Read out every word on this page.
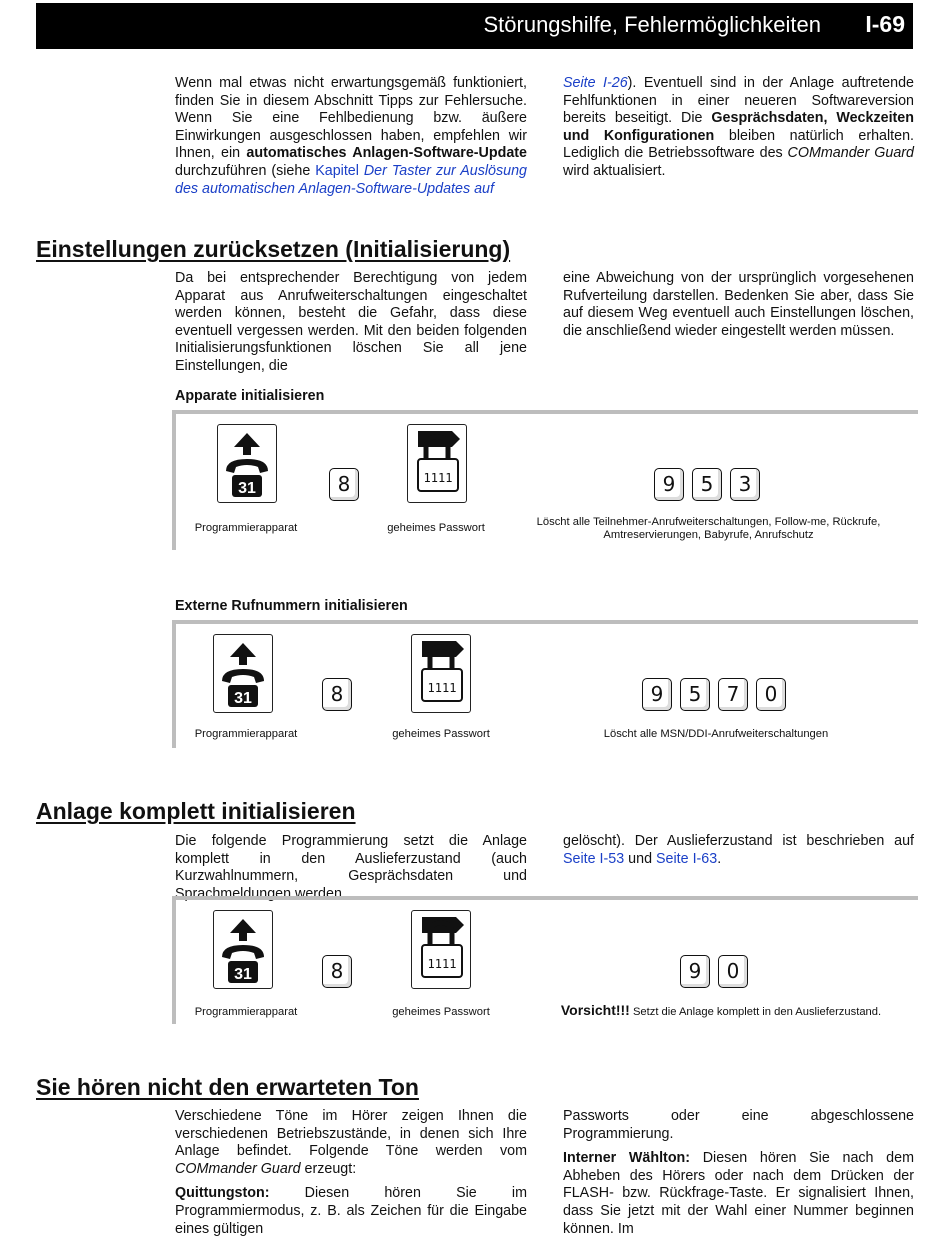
Störungshilfe, Fehlermöglichkeiten I-69
Wenn mal etwas nicht erwartungsgemäß funktioniert, finden Sie in diesem Abschnitt Tipps zur Fehlersuche. Wenn Sie eine Fehlbedienung bzw. äußere Einwirkungen ausgeschlossen haben, empfehlen wir Ihnen, ein automatisches Anlagen-Software-Update durchzuführen (siehe Kapitel Der Taster zur Auslösung des automatischen Anlagen-Software-Updates auf
Seite I-26). Eventuell sind in der Anlage auftretende Fehlfunktionen in einer neueren Softwareversion bereits beseitigt. Die Gesprächsdaten, Weckzeiten und Konfigurationen bleiben natürlich erhalten. Lediglich die Betriebssoftware des COMmander Guard wird aktualisiert.
Einstellungen zurücksetzen (Initialisierung)
Da bei entsprechender Berechtigung von jedem Apparat aus Anrufweiterschaltungen eingeschaltet werden können, besteht die Gefahr, dass diese eventuell vergessen werden. Mit den beiden folgenden Initialisierungsfunktionen löschen Sie all jene Einstellungen, die
eine Abweichung von der ursprünglich vorgesehenen Rufverteilung darstellen. Bedenken Sie aber, dass Sie auf diesem Weg eventuell auch Einstellungen löschen, die anschließend wieder eingestellt werden müssen.
Apparate initialisieren
31	8	1111	9	5	3
Programmierapparat	geheimes Passwort	Löscht alle Teilnehmer-Anrufweiterschaltungen, Follow-me, Rückrufe, Amtreservierungen, Babyrufe, Anrufschutz
Externe Rufnummern initialisieren
31	8	1111	9	5	7	0
Programmierapparat	geheimes Passwort	Löscht alle MSN/DDI-Anrufweiterschaltungen
Anlage komplett initialisieren
Die folgende Programmierung setzt die Anlage komplett in den Auslieferzustand (auch Kurzwahlnummern, Gesprächsdaten und Sprachmeldungen werden
gelöscht). Der Auslieferzustand ist beschrieben auf Seite I-53 und Seite I-63.
31	8	1111	9	0
Programmierapparat	geheimes Passwort	Vorsicht!!! Setzt die Anlage komplett in den Auslieferzustand.
Sie hören nicht den erwarteten Ton
Verschiedene Töne im Hörer zeigen Ihnen die verschiedenen Betriebszustände, in denen sich Ihre Anlage befindet. Folgende Töne werden vom COMmander Guard erzeugt:
Quittungston: Diesen hören Sie im Programmiermodus, z. B. als Zeichen für die Eingabe eines gültigen
Passworts oder eine abgeschlossene Programmierung.
Interner Wählton: Diesen hören Sie nach dem Abheben des Hörers oder nach dem Drücken der FLASH- bzw. Rückfrage-Taste. Er signalisiert Ihnen, dass Sie jetzt mit der Wahl einer Nummer beginnen können. Im
